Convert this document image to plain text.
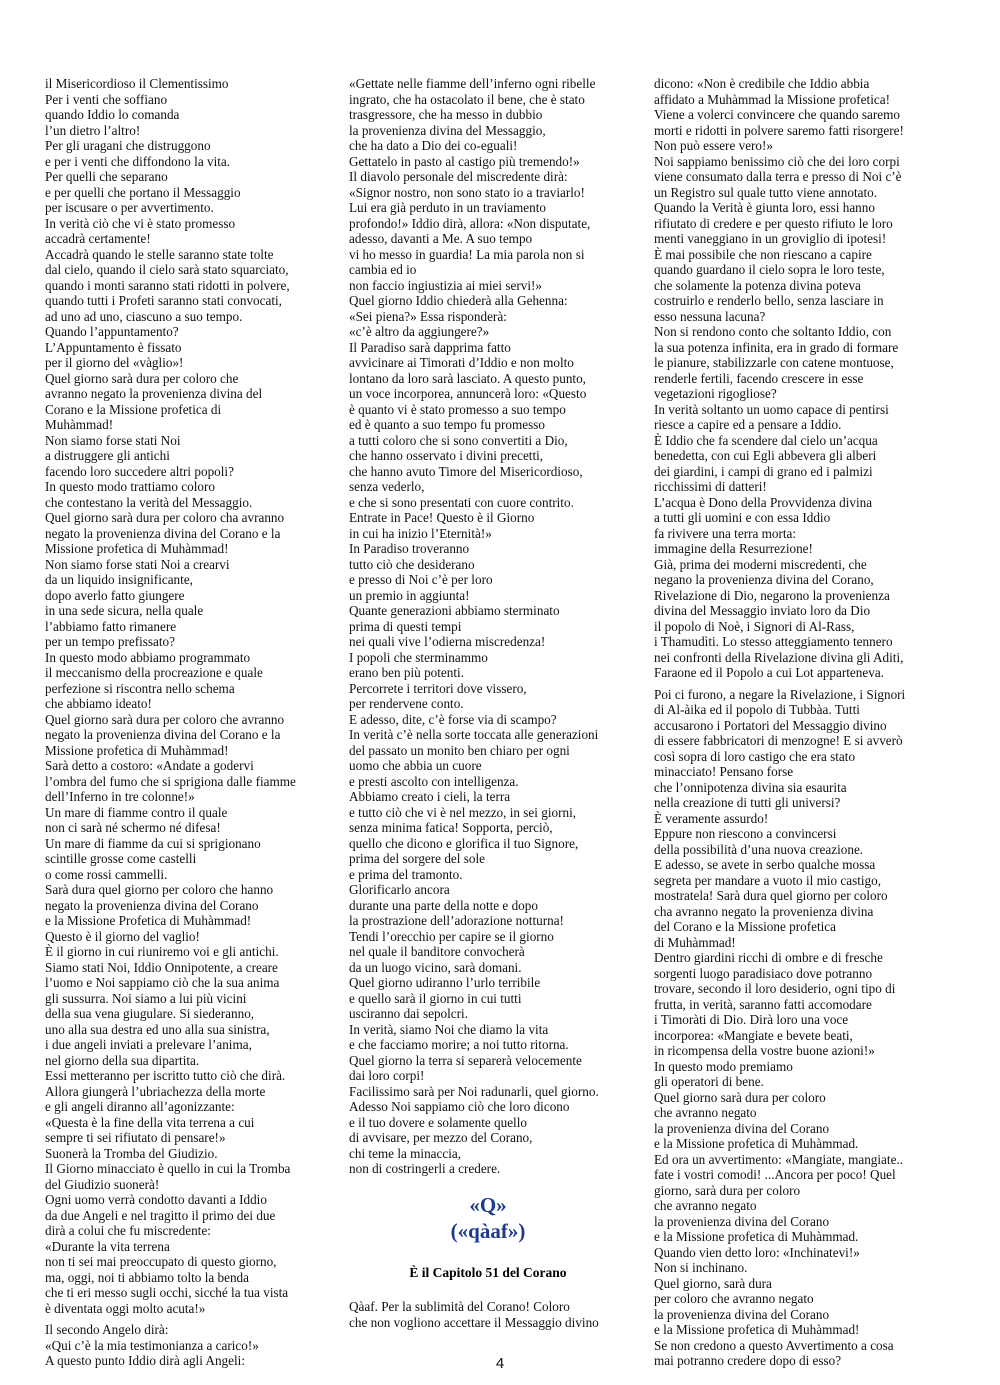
il Misericordioso il Clementissimo
Per i venti che soffiano
quando Iddio lo comanda
l’un dietro l’altro!
Per gli uragani che distruggono
e per i venti che diffondono la vita.
Per quelli che separano
e per quelli che portano il Messaggio
per iscusare o per avvertimento.
In verità ciò che vi è stato promesso
accadrà certamente!
Accadrà quando le stelle saranno state tolte
dal cielo, quando il cielo sarà stato squarciato,
quando i monti saranno stati ridotti in polvere,
quando tutti i Profeti saranno stati convocati,
ad uno ad uno, ciascuno a suo tempo.
Quando l’appuntamento?
L’Appuntamento è fissato
per il giorno del «vàglio»!
Quel giorno sarà dura per coloro che
avranno negato la provenienza divina del
Corano e la Missione profetica di
Muhàmmad!
Non siamo forse stati Noi
a distruggere gli antichi
facendo loro succedere altri popoli?
In questo modo trattiamo coloro
che contestano la verità del Messaggio.
Quel giorno sarà dura per coloro cha avranno
negato la provenienza divina del Corano e la
Missione profetica di Muhàmmad!
Non siamo forse stati Noi a crearvi
da un liquido insignificante,
dopo averlo fatto giungere
in una sede sicura, nella quale
l’abbiamo fatto rimanere
per un tempo prefissato?
In questo modo abbiamo programmato
il meccanismo della procreazione e quale
perfezione si riscontra nello schema
che abbiamo ideato!
Quel giorno sarà dura per coloro che avranno
negato la provenienza divina del Corano e la
Missione profetica di Muhàmmad!
Sarà detto a costoro: «Andate a godervi
l’ombra del fumo che si sprigiona dalle fiamme
dell’Inferno in tre colonne!»
Un mare di fiamme contro il quale
non ci sarà né schermo né difesa!
Un mare di fiamme da cui si sprigionano
scintille grosse come castelli
o come rossi cammelli.
Sarà dura quel giorno per coloro che hanno
negato la provenienza divina del Corano
e la Missione Profetica di Muhàmmad!
Questo è il giorno del vaglio!
È il giorno in cui riuniremo voi e gli antichi.
Siamo stati Noi, Iddio Onnipotente, a creare
l’uomo e Noi sappiamo ciò che la sua anima
gli sussurra. Noi siamo a lui più vicini
della sua vena giugulare. Si siederanno,
uno alla sua destra ed uno alla sua sinistra,
i due angeli inviati a prelevare l’anima,
nel giorno della sua dipartita.
Essi metteranno per iscritto tutto ciò che dirà.
Allora giungerà l’ubriachezza della morte
e gli angeli diranno all’agonizzante:
«Questa è la fine della vita terrena a cui
sempre ti sei rifiutato di pensare!»
Suonerà la Tromba del Giudizio.
Il Giorno minacciato è quello in cui la Tromba
del Giudizio suonerà!
Ogni uomo verrà condotto davanti a Iddio
da due Angeli e nel tragitto il primo dei due
dirà a colui che fu miscredente:
«Durante la vita terrena
non ti sei mai preoccupato di questo giorno,
ma, oggi, noi ti abbiamo tolto la benda
che ti eri messo sugli occhi, sicché la tua vista
è diventata oggi molto acuta!»
Il secondo Angelo dirà:
«Qui c’è la mia testimonianza a carico!»
A questo punto Iddio dirà agli Angeli:
«Gettate nelle fiamme dell’inferno ogni ribelle
ingrato, che ha ostacolato il bene, che è stato
trasgressore, che ha messo in dubbio
la provenienza divina del Messaggio,
che ha dato a Dio dei co-eguali!
Gettatelo in pasto al castigo più tremendo!»
Il diavolo personale del miscredente dirà:
«Signor nostro, non sono stato io a traviarlo!
Lui era già perduto in un traviamento
profondo!» Iddio dirà, allora: «Non disputate,
adesso, davanti a Me. A suo tempo
vi ho messo in guardia! La mia parola non si
cambia ed io
non faccio ingiustizia ai miei servi!»
Quel giorno Iddio chiederà alla Gehenna:
«Sei piena?» Essa risponderà:
«c’è altro da aggiungere?»
Il Paradiso sarà dapprima fatto
avvicinare ai Timorati d’Iddio e non molto
lontano da loro sarà lasciato. A questo punto,
un voce incorporea, annuncerà loro: «Questo
è quanto vi è stato promesso a suo tempo
ed è quanto a suo tempo fu promesso
a tutti coloro che si sono convertiti a Dio,
che hanno osservato i divini precetti,
che hanno avuto Timore del Misericordioso,
senza vederlo,
e che si sono presentati con cuore contrito.
Entrate in Pace! Questo è il Giorno
in cui ha inizio l’Eternità!»
In Paradiso troveranno
tutto ciò che desiderano
e presso di Noi c’è per loro
un premio in aggiunta!
Quante generazioni abbiamo sterminato
prima di questi tempi
nei quali vive l’odierna miscredenza!
I popoli che sterminammo
erano ben più potenti.
Percorrete i territori dove vissero,
per rendervene conto.
E adesso, dite, c’è forse via di scampo?
In verità c’è nella sorte toccata alle generazioni
del passato un monito ben chiaro per ogni
uomo che abbia un cuore
e presti ascolto con intelligenza.
Abbiamo creato i cieli, la terra
e tutto ciò che vi è nel mezzo, in sei giorni,
senza minima fatica! Sopporta, perciò,
quello che dicono e glorifica il tuo Signore,
prima del sorgere del sole
e prima del tramonto.
Glorificarlo ancora
durante una parte della notte e dopo
la prostrazione dell’adorazione notturna!
Tendi l’orecchio per capire se il giorno
nel quale il banditore convocherà
da un luogo vicino, sarà domani.
Quel giorno udiranno l’urlo terribile
e quello sarà il giorno in cui tutti
usciranno dai sepolcri.
In verità, siamo Noi che diamo la vita
e che facciamo morire; a noi tutto ritorna.
Quel giorno la terra si separerà velocemente
dai loro corpi!
Facilissimo sarà per Noi radunarli, quel giorno.
Adesso Noi sappiamo ciò che loro dicono
e il tuo dovere e solamente quello
di avvisare, per mezzo del Corano,
chi teme la minaccia,
non di costringerli a credere.
«Q»
(«qàaf»)
È il Capitolo 51 del Corano
Qàaf. Per la sublimità del Corano! Coloro
che non vogliono accettare il Messaggio divino
dicono: «Non è credibile che Iddio abbia
affidato a Muhàmmad la Missione profetica!
Viene a volerci convincere che quando saremo
morti e ridotti in polvere saremo fatti risorgere!
Non può essere vero!»
Noi sappiamo benissimo ciò che dei loro corpi
viene consumato dalla terra e presso di Noi c’è
un Registro sul quale tutto viene annotato.
Quando la Verità è giunta loro, essi hanno
rifiutato di credere e per questo rifiuto le loro
menti vaneggiano in un groviglio di ipotesi!
È mai possibile che non riescano a capire
quando guardano il cielo sopra le loro teste,
che solamente la potenza divina poteva
costruirlo e renderlo bello, senza lasciare in
esso nessuna lacuna?
Non si rendono conto che soltanto Iddio, con
la sua potenza infinita, era in grado di formare
le pianure, stabilizzarle con catene montuose,
renderle fertili, facendo crescere in esse
vegetazioni rigogliose?
In verità soltanto un uomo capace di pentirsi
riesce a capire ed a pensare a Iddio.
È Iddio che fa scendere dal cielo un’acqua
benedetta, con cui Egli abbevera gli alberi
dei giardini, i campi di grano ed i palmizi
ricchissimi di datteri!
L’acqua è Dono della Provvidenza divina
a tutti gli uomini e con essa Iddio
fa rivivere una terra morta:
immagine della Resurrezione!
Già, prima dei moderni miscredenti, che
negano la provenienza divina del Corano,
Rivelazione di Dio, negarono la provenienza
divina del Messaggio inviato loro da Dio
il popolo di Noè, i Signori di Al-Rass,
i Thamudìti. Lo stesso atteggiamento tennero
nei confronti della Rivelazione divina gli Aditi,
Faraone ed il Popolo a cui Lot apparteneva.
Poi ci furono, a negare la Rivelazione, i Signori
di Al-àika ed il popolo di Tubbàa. Tutti
accusarono i Portatori del Messaggio divino
di essere fabbricatori di menzogne! E si avverò
così sopra di loro castigo che era stato
minacciato! Pensano forse
che l’onnipotenza divina sia esaurita
nella creazione di tutti gli universi?
È veramente assurdo!
Eppure non riescono a convincersi
della possibilità d’una nuova creazione.
E adesso, se avete in serbo qualche mossa
segreta per mandare a vuoto il mio castigo,
mostratela! Sarà dura quel giorno per coloro
cha avranno negato la provenienza divina
del Corano e la Missione profetica
di Muhàmmad!
Dentro giardini ricchi di ombre e di fresche
sorgenti luogo paradisiaco dove potranno
trovare, secondo il loro desiderio, ogni tipo di
frutta, in verità, saranno fatti accomodare
i Timoràti di Dio. Dirà loro una voce
incorporea: «Mangiate e bevete beati,
in ricompensa della vostre buone azioni!»
In questo modo premiamo
gli operatori di bene.
Quel giorno sarà dura per coloro
che avranno negato
la provenienza divina del Corano
e la Missione profetica di Muhàmmad.
Ed ora un avvertimento: «Mangiate, mangiate..
fate i vostri comodi! ...Ancora per poco! Quel
giorno, sarà dura per coloro
che avranno negato
la provenienza divina del Corano
e la Missione profetica di Muhàmmad.
Quando vien detto loro: «Inchinatevi!»
Non si inchinano.
Quel giorno, sarà dura
per coloro che avranno negato
la provenienza divina del Corano
e la Missione profetica di Muhàmmad!
Se non credono a questo Avvertimento a cosa
mai potranno credere dopo di esso?
4
